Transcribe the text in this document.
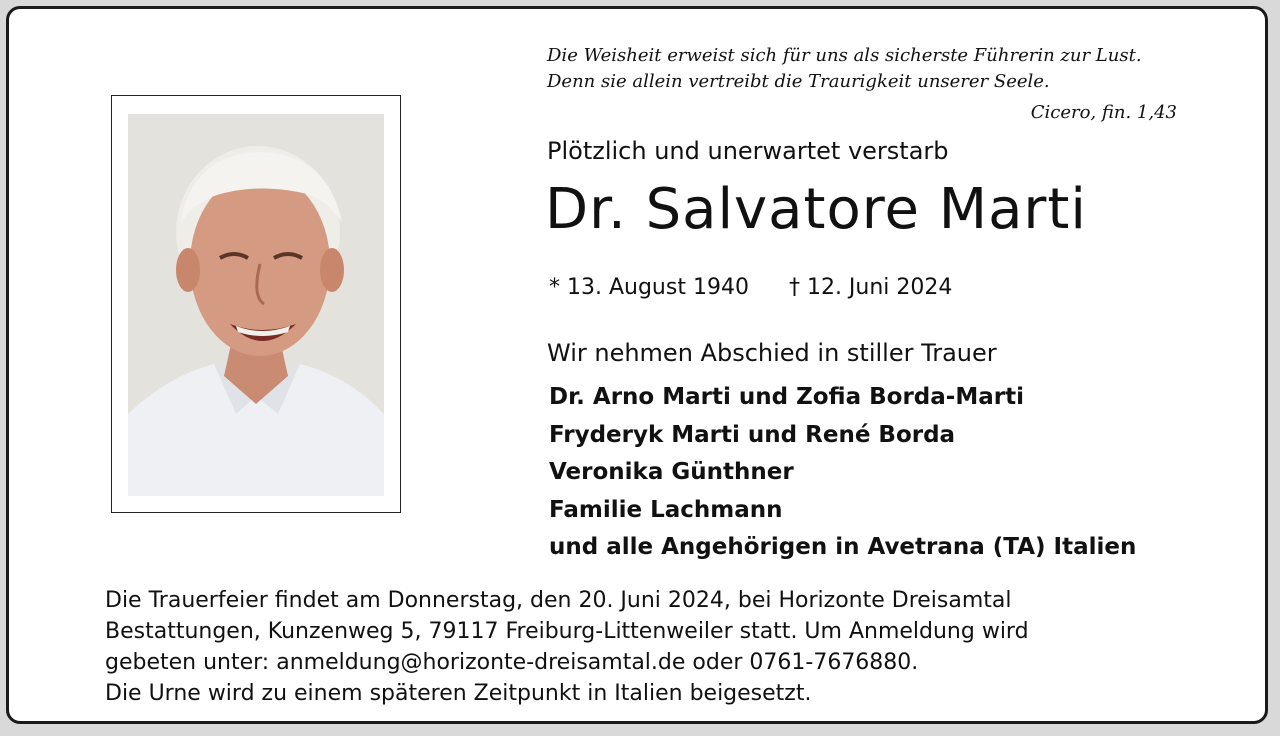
Die Weisheit erweist sich für uns als sicherste Führerin zur Lust.
Denn sie allein vertreibt die Traurigkeit unserer Seele.
Cicero, fin. 1,43
Plötzlich und unerwartet verstarb
Dr. Salvatore Marti
* 13. August 1940 † 12. Juni 2024
Wir nehmen Abschied in stiller Trauer
Dr. Arno Marti und Zofia Borda-Marti
Fryderyk Marti und René Borda
Veronika Günthner
Familie Lachmann
und alle Angehörigen in Avetrana (TA) Italien

Die Trauerfeier findet am Donnerstag, den 20. Juni 2024, bei Horizonte Dreisamtal

Bestattungen, Kunzenweg 5, 79117 Freiburg-Littenweiler statt. Um Anmeldung wird

gebeten unter: anmeldung@horizonte-dreisamtal.de oder 0761-7676880.

Die Urne wird zu einem späteren Zeitpunkt in Italien beigesetzt.
